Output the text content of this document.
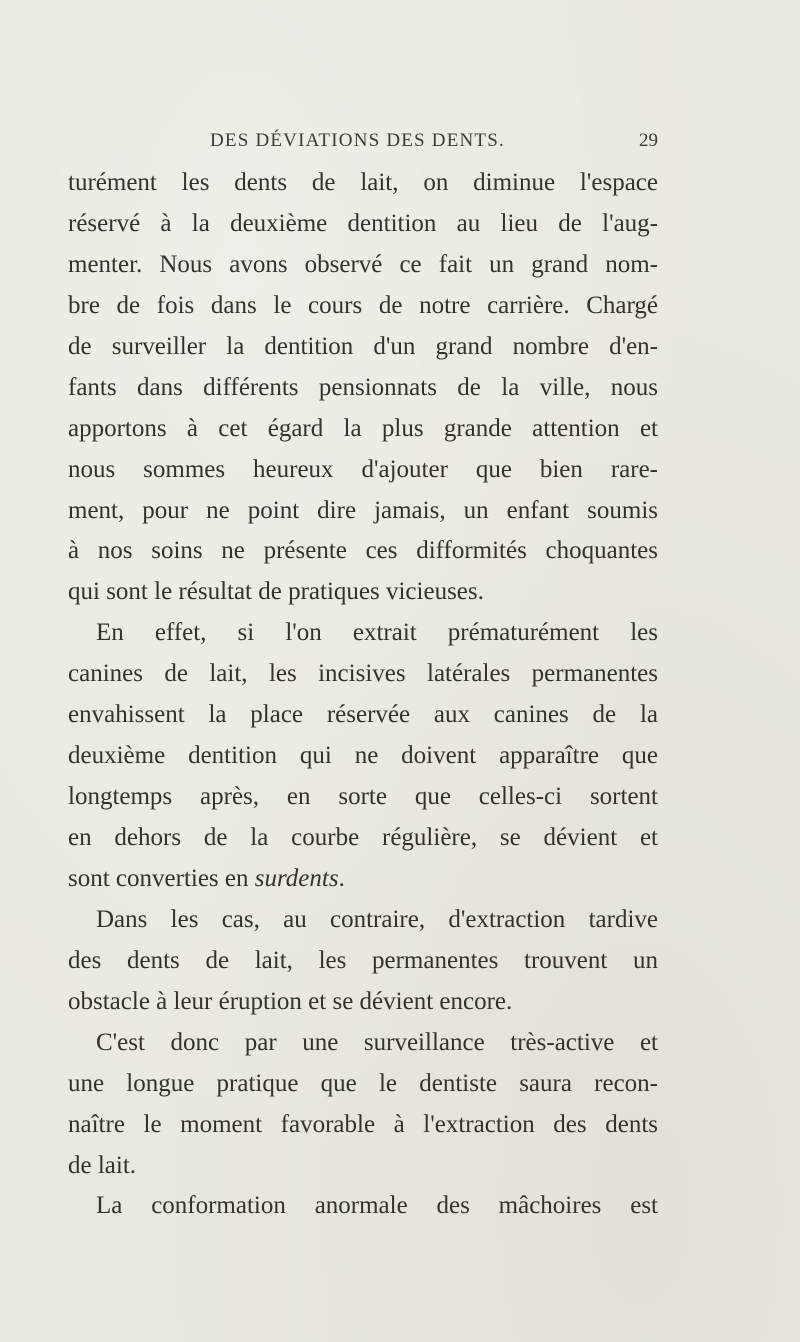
DES DÉVIATIONS DES DENTS.	29
turément les dents de lait, on diminue l'espace
réservé à la deuxième dentition au lieu de l'aug-
menter. Nous avons observé ce fait un grand nom-
bre de fois dans le cours de notre carrière. Chargé
de surveiller la dentition d'un grand nombre d'en-
fants dans différents pensionnats de la ville, nous
apportons à cet égard la plus grande attention et
nous sommes heureux d'ajouter que bien rare-
ment, pour ne point dire jamais, un enfant soumis
à nos soins ne présente ces difformités choquantes
qui sont le résultat de pratiques vicieuses.
En effet, si l'on extrait prématurément les
canines de lait, les incisives latérales permanentes
envahissent la place réservée aux canines de la
deuxième dentition qui ne doivent apparaître que
longtemps après, en sorte que celles-ci sortent
en dehors de la courbe régulière, se dévient et
sont converties en surdents.
Dans les cas, au contraire, d'extraction tardive
des dents de lait, les permanentes trouvent un
obstacle à leur éruption et se dévient encore.
C'est donc par une surveillance très-active et
une longue pratique que le dentiste saura recon-
naître le moment favorable à l'extraction des dents
de lait.
La conformation anormale des mâchoires est
